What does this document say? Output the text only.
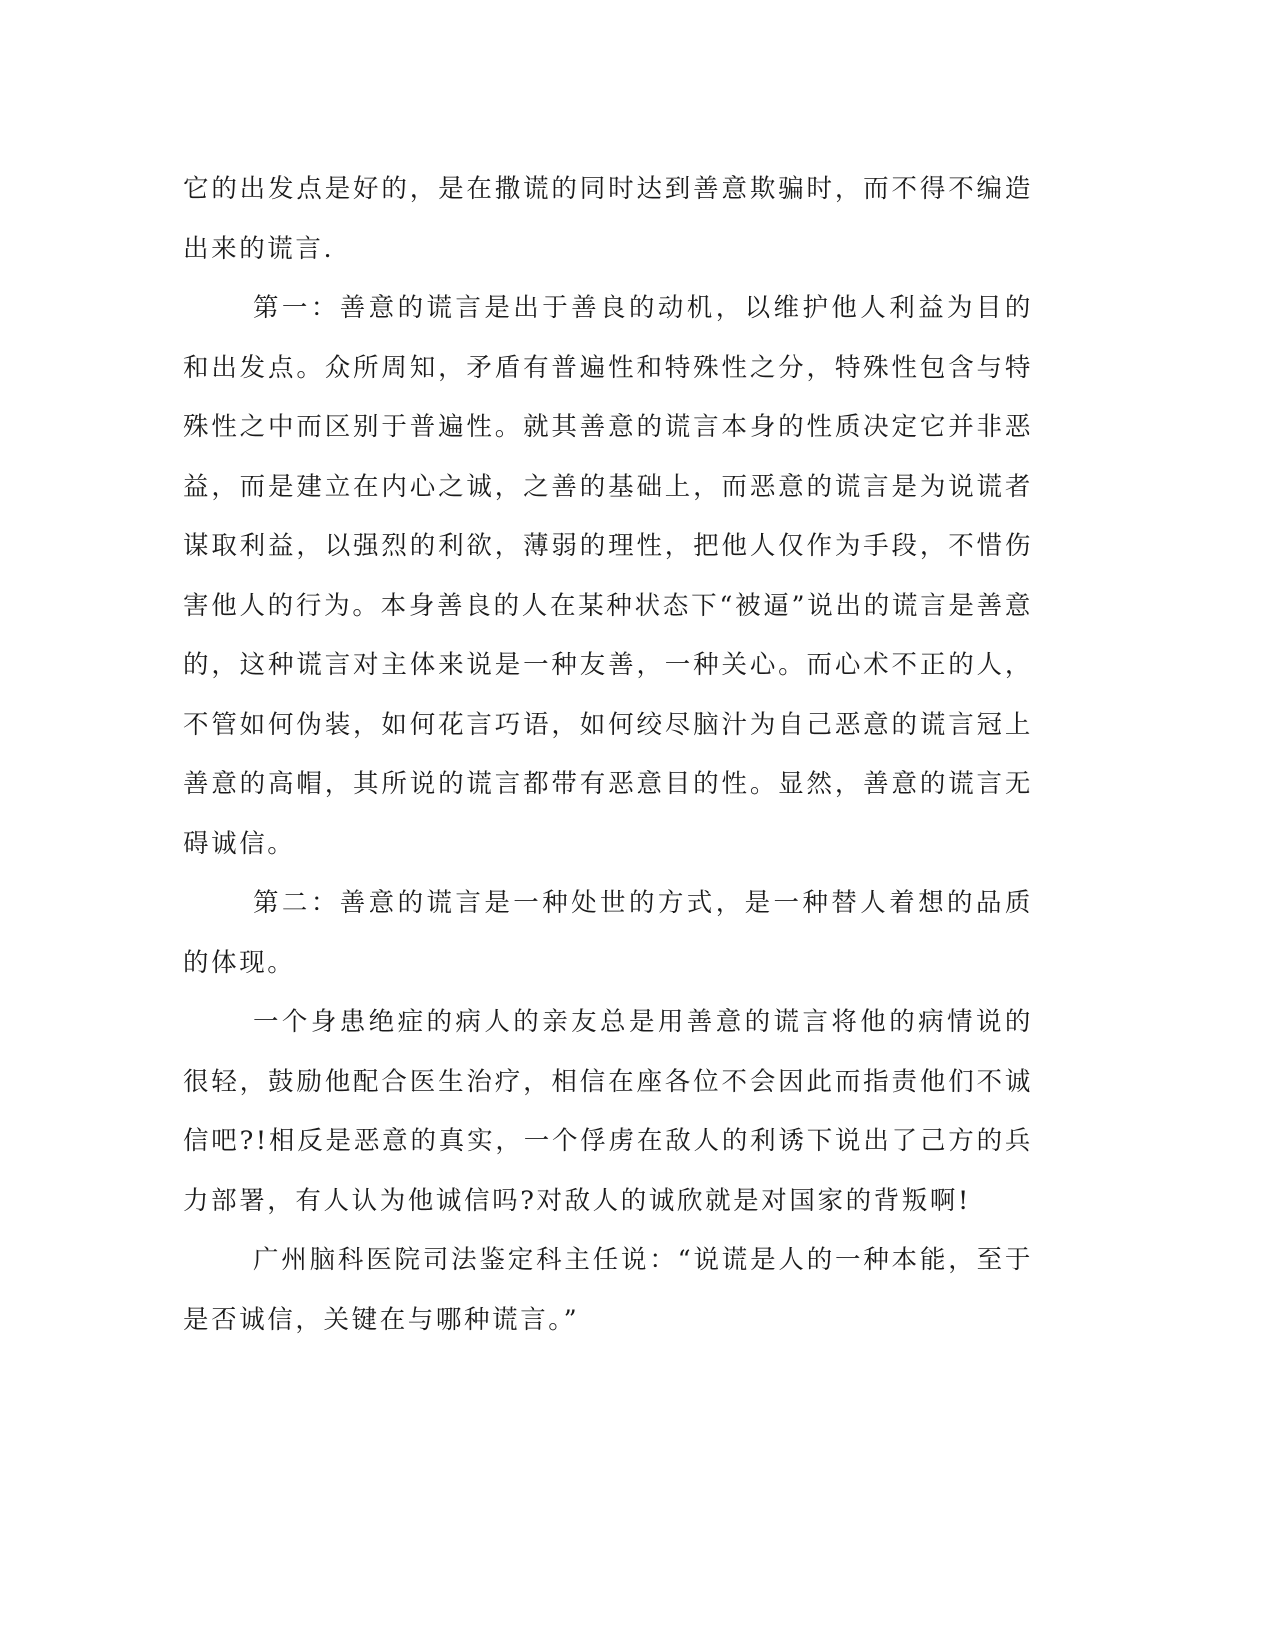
它的出发点是好的，是在撒谎的同时达到善意欺骗时，而不得不编造出来的谎言.

第一：善意的谎言是出于善良的动机，以维护他人利益为目的和出发点。众所周知，矛盾有普遍性和特殊性之分，特殊性包含与特殊性之中而区别于普遍性。就其善意的谎言本身的性质决定它并非恶益，而是建立在内心之诚，之善的基础上，而恶意的谎言是为说谎者谋取利益，以强烈的利欲，薄弱的理性，把他人仅作为手段，不惜伤害他人的行为。本身善良的人在某种状态下“被逼”说出的谎言是善意的，这种谎言对主体来说是一种友善，一种关心。而心术不正的人，不管如何伪装，如何花言巧语，如何绞尽脑汁为自己恶意的谎言冠上善意的高帽，其所说的谎言都带有恶意目的性。显然，善意的谎言无碍诚信。

第二：善意的谎言是一种处世的方式，是一种替人着想的品质的体现。

一个身患绝症的病人的亲友总是用善意的谎言将他的病情说的很轻，鼓励他配合医生治疗，相信在座各位不会因此而指责他们不诚信吧?!相反是恶意的真实，一个俘虏在敌人的利诱下说出了己方的兵力部署，有人认为他诚信吗?对敌人的诚欣就是对国家的背叛啊!

广州脑科医院司法鉴定科主任说：“说谎是人的一种本能，至于是否诚信，关键在与哪种谎言。”
